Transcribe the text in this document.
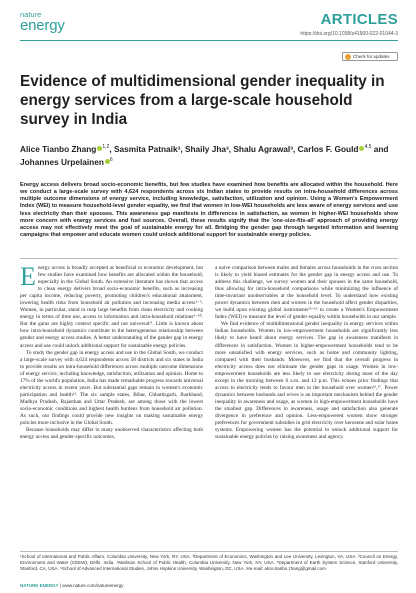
nature
energy	ARTICLES
https://doi.org/10.1038/s41560-022-01044-3
Check for updates
Evidence of multidimensional gender inequality in energy services from a large-scale household survey in India
Alice Tianbo Zhang $^{1,2}$, Sasmita Patnaik³, Shaily Jha³, Shalu Agrawal³, Carlos F. Gould $^{4,5}$ and
Johannes Urpelainen $^6$
Energy access delivers broad socio-economic benefits, but few studies have examined how benefits are allocated within the household. Here we conduct a large-scale survey with 4,624 respondents across six Indian states to provide results on intra-household differences across multiple outcome dimensions of energy service, including knowledge, satisfaction, utilization and opinion. Using a Women's Empowerment Index (WEI) to measure household-level gender equality, we find that women in low-WEI households are less aware of energy services and use less electricity than their spouses. This awareness gap manifests in differences in satisfaction, as women in higher-WEI households show more concern with energy services and fuel sources. Overall, these results signify that the 'one-size-fits-all' approach of providing energy access may not effectively meet the goal of sustainable energy for all. Bridging the gender gap through targeted information and learning campaigns that empower and educate women could unlock additional support for sustainable energy policies.

Energy access is broadly accepted as beneficial to economic development, but few studies have examined how benefits are allocated within the household, especially in the Global South. An extensive literature has shown that access to clean energy delivers broad socio-economic benefits, such as increasing per capita income, reducing poverty, promoting children's educational attainment, lowering health risks from household air pollution and increasing media access¹⁻⁵. Women, in particular, stand to reap large benefits from clean electricity and cooking energy in terms of time use, access to information and intra-household relations⁶⁻¹⁰. But the gains are highly context specific and not universal¹¹. Little is known about how intra-household dynamics contribute to the heterogeneous relationship between gender and energy access studies. A better understanding of the gender gap in energy access and use could unlock additional support for sustainable energy policies.

To study the gender gap in energy access and use in the Global South, we conduct a large-scale survey with 4,624 respondents across 58 districts and six states in India to provide results on intra-household differences across multiple outcome dimensions of energy service, including knowledge, satisfaction, utilization and opinion. Home to 17% of the world's population, India has made remarkable progress towards universal electricity access in recent years. But substantial gaps remain in women's economic participation and health¹². The six sample states, Bihar, Chhattisgarh, Jharkhand, Madhya Pradesh, Rajasthan and Uttar Pradesh, are among those with the lowest socio-economic conditions and highest health burdens from household air pollution. As such, our findings could provide new insights on making sustainable energy policies more inclusive in the Global South.

Because households may differ in many unobserved characteristics affecting both energy access and gender-specific outcomes,

a naive comparison between males and females across households in the cross section is likely to yield biased estimates for the gender gap in energy access and use. To address this challenge, we survey women and their spouses in the same household, thus allowing for intra-household comparisons while minimizing the influence of time-invariant unobservables at the household level. To understand how existing power dynamics between men and women in the household affect gender disparities, we build upon existing global instruments¹³⁻¹⁵ to create a Women's Empowerment Index (WEI) to measure the level of gender equality within households in our sample.

We find evidence of multidimensional gender inequality in energy services within Indian households. Women in low-empowerment households are significantly less likely to have heard about energy services. The gap in awareness manifests in differences in satisfaction. Women in higher-empowerment households tend to be more unsatisfied with energy services, such as home and community lighting, compared with their husbands. Moreover, we find that the overall progress in electricity access does not eliminate the gender gaps in usage. Women in low-empowerment households are less likely to use electricity during most of the day except in the morning between 6 a.m. and 12 p.m. This echoes prior findings that access to electricity tends to favour men in the household over women¹⁶,¹⁷. Power dynamics between husbands and wives is an important mechanism behind the gender inequality in awareness and usage, as women in high-empowerment households have the smallest gap. Differences in awareness, usage and satisfaction also generate divergence in preference and opinion. Less-empowered women show stronger preferences for government subsidies in grid electricity over kerosene and solar home systems. Empowering women has the potential to unlock additional support for sustainable energy policies by raising awareness and agency.

¹School of International and Public Affairs, Columbia University, New York, NY, USA. ²Department of Economics, Washington and Lee University, Lexington, VA, USA. ³Council on Energy, Environment and Water (CEEW), Delhi, India. ⁴Mailman School of Public Health, Columbia University, New York, NY, USA. ⁵Department of Earth System Science, Stanford University, Stanford, CA, USA. ⁶School of Advanced International Studies, Johns Hopkins University, Washington, DC, USA. ✉e-mail: alice.tianbo.zhang@gmail.com
NATURE ENERGY | www.nature.com/natureenergy
